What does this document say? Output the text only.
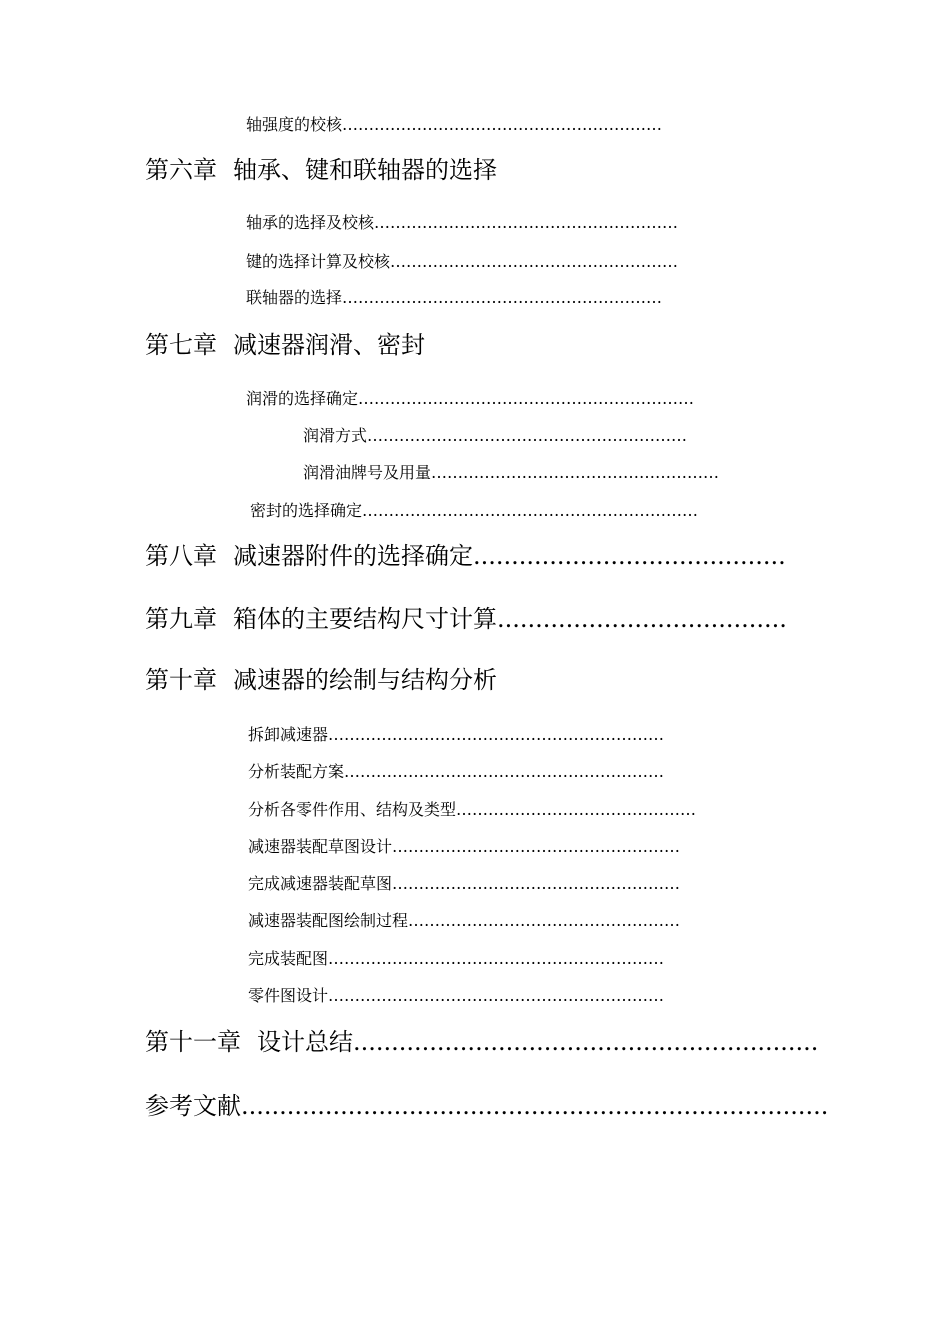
轴强度的校核……………………………………………………
第六章 轴承、键和联轴器的选择
轴承的选择及校核…………………………………………………
键的选择计算及校核………………………………………………
联轴器的选择……………………………………………………
第七章 减速器润滑、密封
润滑的选择确定………………………………………………………
润滑方式……………………………………………………
润滑油牌号及用量………………………………………………
密封的选择确定………………………………………………………
第八章 减速器附件的选择确定.........................................
第九章 箱体的主要结构尺寸计算......................................
第十章 减速器的绘制与结构分析
拆卸减速器………………………………………………………
分析装配方案……………………………………………………
分析各零件作用、结构及类型………………………………………
减速器装配草图设计………………………………………………
完成减速器装配草图………………………………………………
减速器装配图绘制过程……………………………………………
完成装配图………………………………………………………
零件图设计………………………………………………………
第十一章 设计总结.............................................................
参考文献.............................................................................
